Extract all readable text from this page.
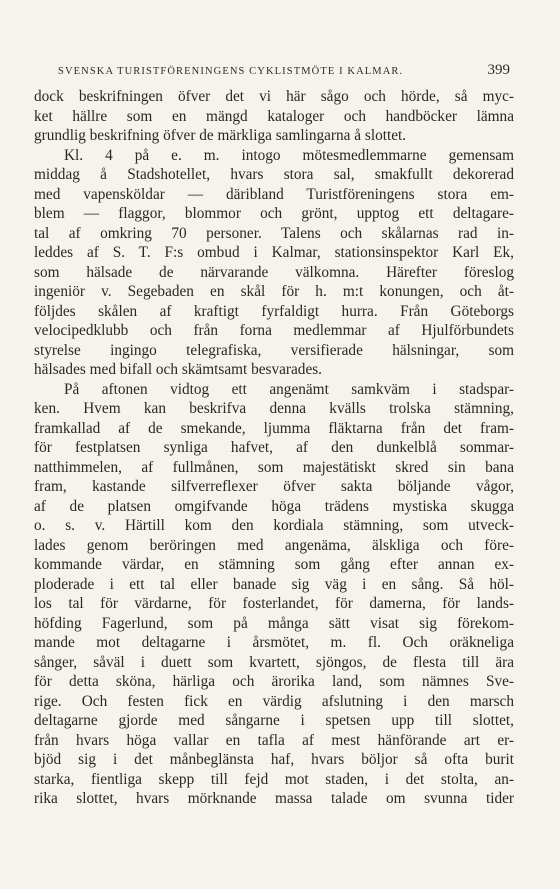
SVENSKA TURISTFÖRENINGENS CYKLISTMÖTE I KALMAR.	399
dock beskrifningen öfver det vi här sågo och hörde, så myc-
ket hällre som en mängd kataloger och handböcker lämna
grundlig beskrifning öfver de märkliga samlingarna å slottet.
Kl. 4 på e. m. intogo mötesmedlemmarne gemensam
middag å Stadshotellet, hvars stora sal, smakfullt dekorerad
med vapensköldar — däribland Turistföreningens stora em-
blem — flaggor, blommor och grönt, upptog ett deltagare-
tal af omkring 70 personer. Talens och skålarnas rad in-
leddes af S. T. F:s ombud i Kalmar, stationsinspektor Karl Ek,
som hälsade de närvarande välkomna. Härefter föreslog
ingeniör v. Segebaden en skål för h. m:t konungen, och åt-
följdes skålen af kraftigt fyrfaldigt hurra. Från Göteborgs
velocipedklubb och från forna medlemmar af Hjulförbundets
styrelse ingingo telegrafiska, versifierade hälsningar, som
hälsades med bifall och skämtsamt besvarades.
På aftonen vidtog ett angenämt samkväm i stadspar-
ken. Hvem kan beskrifva denna kvälls trolska stämning,
framkallad af de smekande, ljumma fläktarna från det fram-
för festplatsen synliga hafvet, af den dunkelblå sommar-
natthimmelen, af fullmånen, som majestätiskt skred sin bana
fram, kastande silfverreflexer öfver sakta böljande vågor,
af de platsen omgifvande höga trädens mystiska skugga
o. s. v. Härtill kom den kordiala stämning, som utveck-
lades genom beröringen med angenäma, älskliga och före-
kommande värdar, en stämning som gång efter annan ex-
ploderade i ett tal eller banade sig väg i en sång. Så höl-
los tal för värdarne, för fosterlandet, för damerna, för lands-
höfding Fagerlund, som på många sätt visat sig förekom-
mande mot deltagarne i årsmötet, m. fl. Och oräkneliga
sånger, såväl i duett som kvartett, sjöngos, de flesta till ära
för detta sköna, härliga och ärorika land, som nämnes Sve-
rige. Och festen fick en värdig afslutning i den marsch
deltagarne gjorde med sångarne i spetsen upp till slottet,
från hvars höga vallar en tafla af mest hänförande art er-
bjöd sig i det månbeglänsta haf, hvars böljor så ofta burit
starka, fientliga skepp till fejd mot staden, i det stolta, an-
rika slottet, hvars mörknande massa talade om svunna tider
